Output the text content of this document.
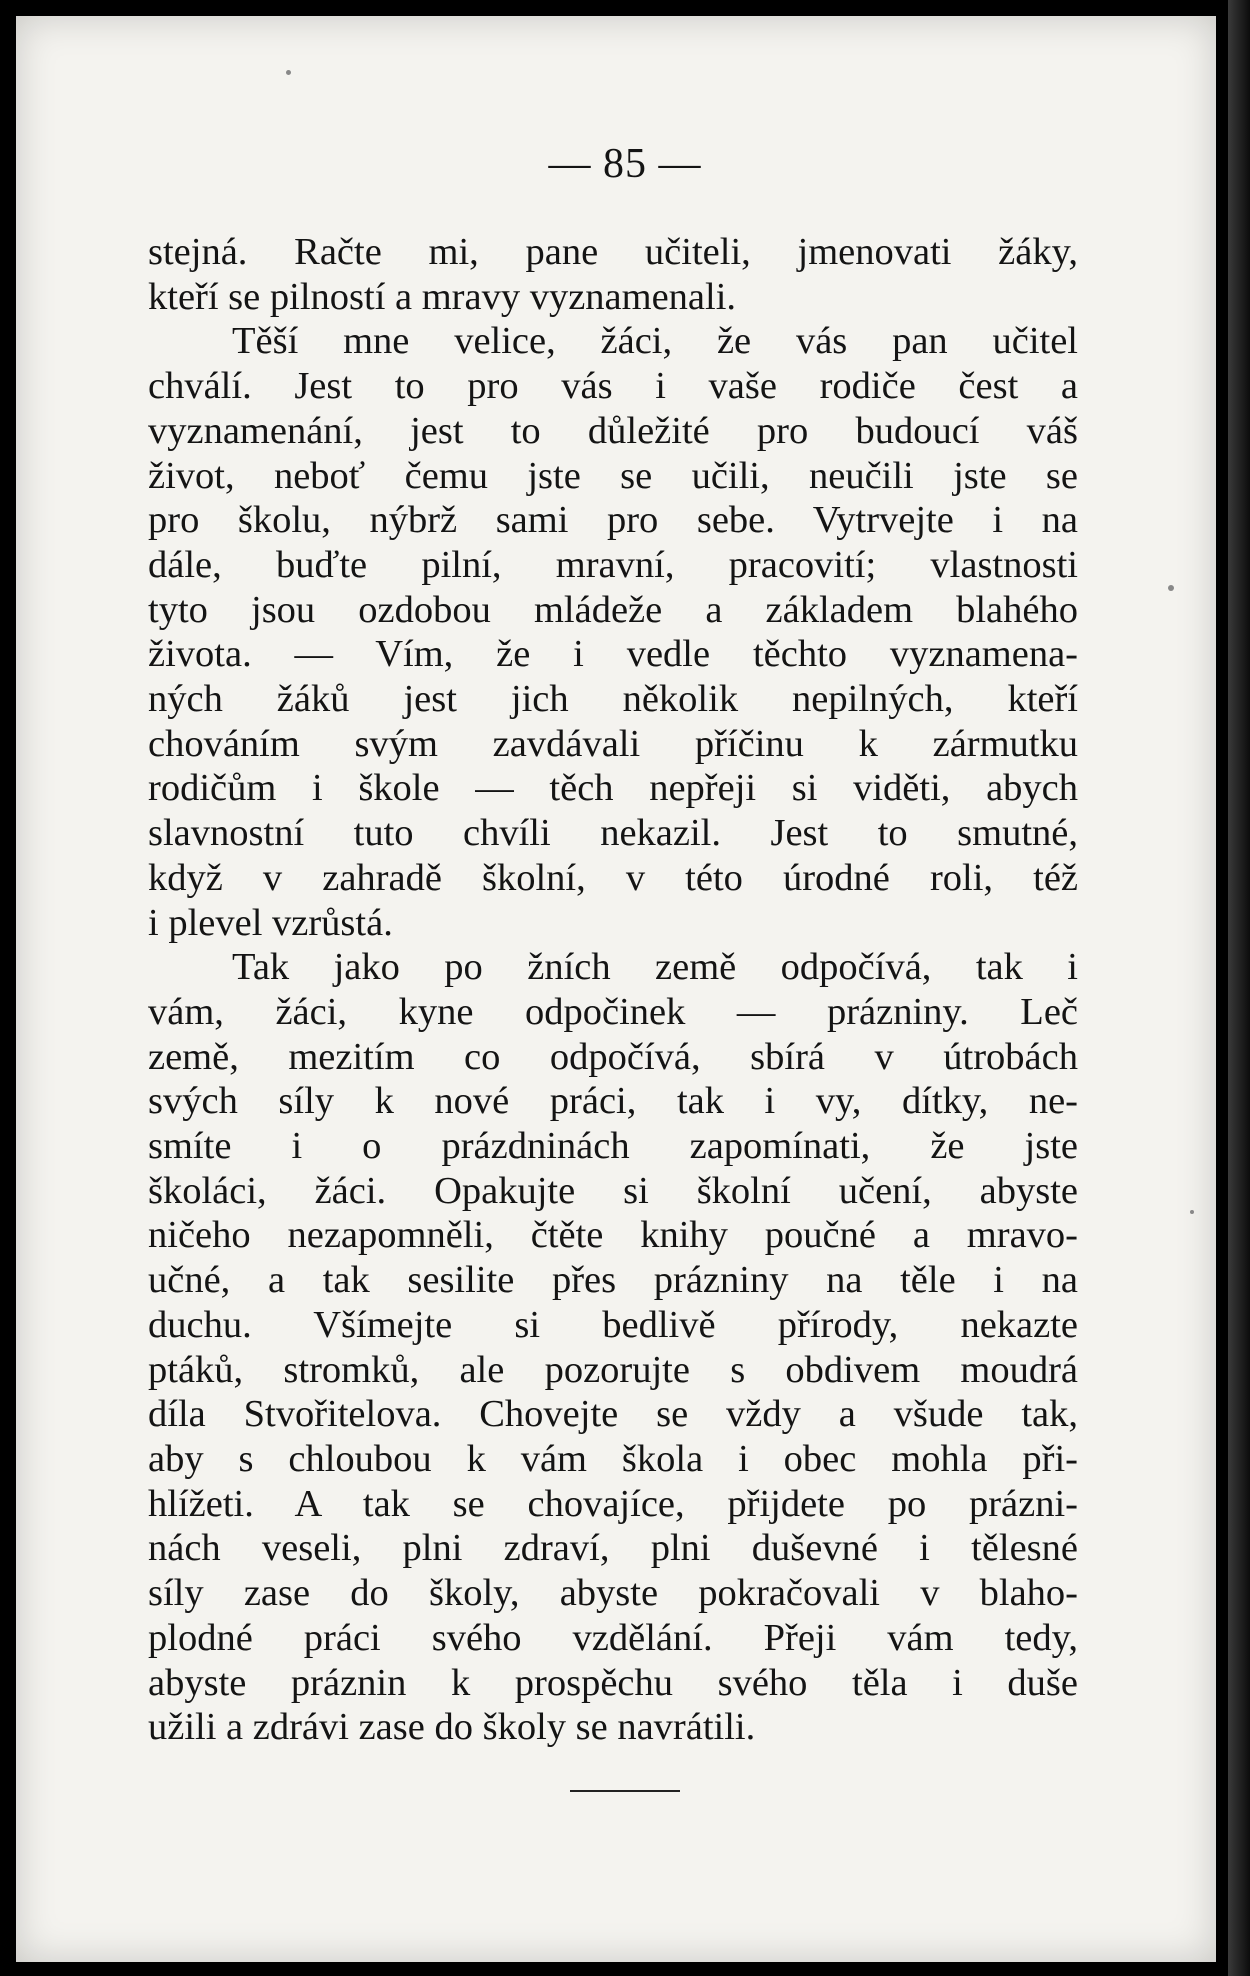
— 85 —
stejná. Račte mi, pane učiteli, jmenovati žáky,
kteří se pilností a mravy vyznamenali.
Těší mne velice, žáci, že vás pan učitel
chválí. Jest to pro vás i vaše rodiče čest a
vyznamenání, jest to důležité pro budoucí váš
život, neboť čemu jste se učili, neučili jste se
pro školu, nýbrž sami pro sebe. Vytrvejte i na
dále, buďte pilní, mravní, pracovití; vlastnosti
tyto jsou ozdobou mládeže a základem blahého
života. — Vím, že i vedle těchto vyznamena-
ných žáků jest jich několik nepilných, kteří
chováním svým zavdávali příčinu k zármutku
rodičům i škole — těch nepřeji si viděti, abych
slavnostní tuto chvíli nekazil. Jest to smutné,
když v zahradě školní, v této úrodné roli, též
i plevel vzrůstá.
Tak jako po žních země odpočívá, tak i
vám, žáci, kyne odpočinek — prázniny. Leč
země, mezitím co odpočívá, sbírá v útrobách
svých síly k nové práci, tak i vy, dítky, ne-
smíte i o prázdninách zapomínati, že jste
školáci, žáci. Opakujte si školní učení, abyste
ničeho nezapomněli, čtěte knihy poučné a mravo-
učné, a tak sesilite přes prázniny na těle i na
duchu. Všímejte si bedlivě přírody, nekazte
ptáků, stromků, ale pozorujte s obdivem moudrá
díla Stvořitelova. Chovejte se vždy a všude tak,
aby s chloubou k vám škola i obec mohla při-
hlížeti. A tak se chovajíce, přijdete po prázni-
nách veseli, plni zdraví, plni duševné i tělesné
síly zase do školy, abyste pokračovali v blaho-
plodné práci svého vzdělání. Přeji vám tedy,
abyste práznin k prospěchu svého těla i duše
užili a zdrávi zase do školy se navrátili.
